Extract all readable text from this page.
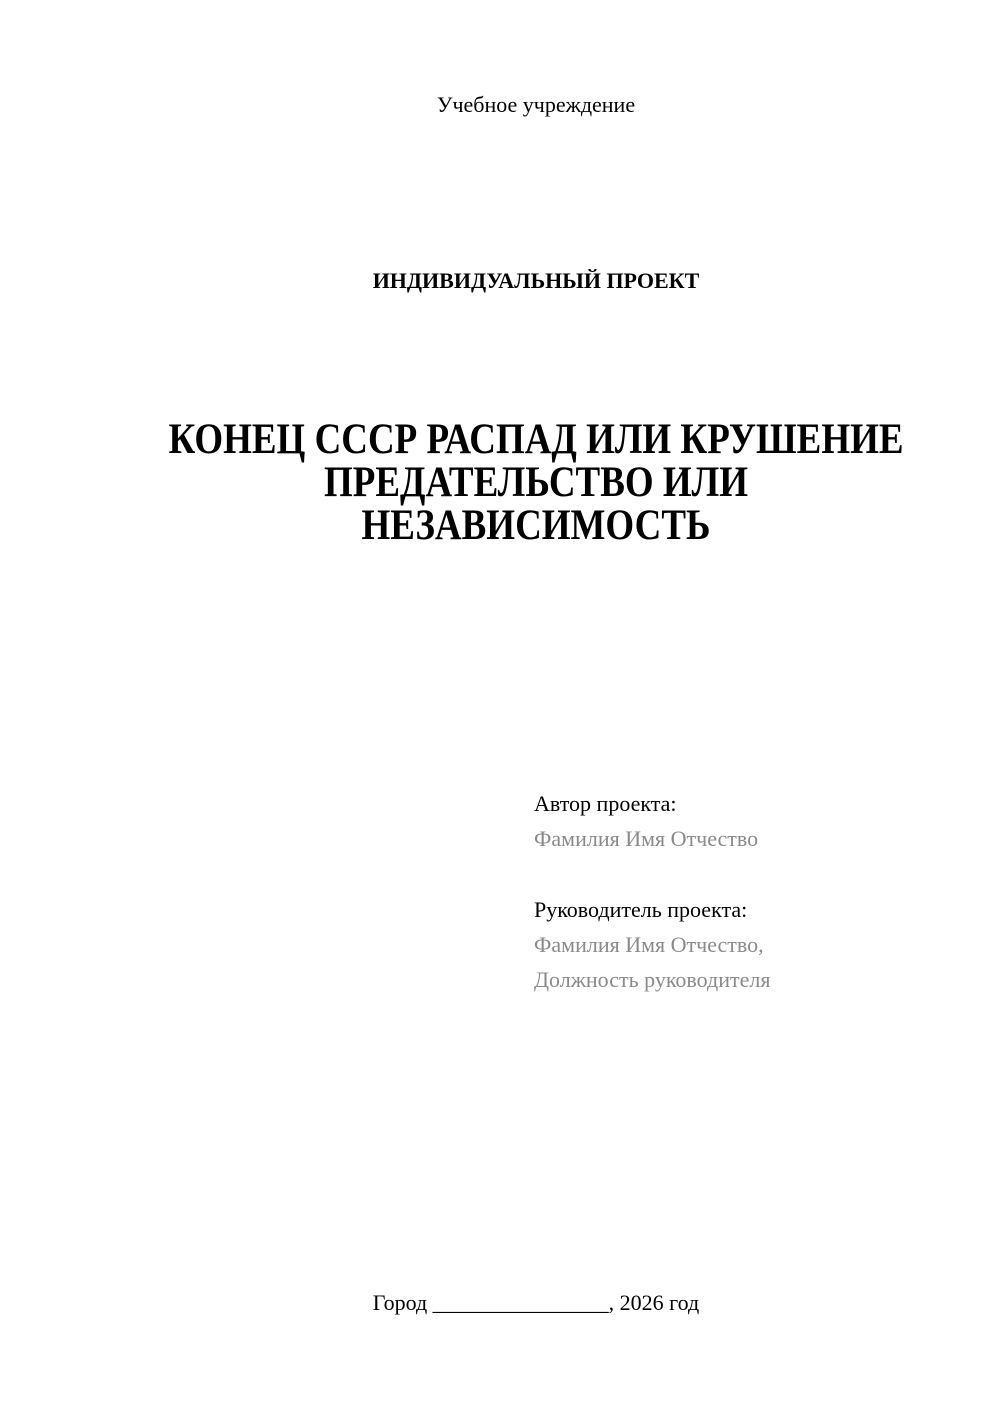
Учебное учреждение
ИНДИВИДУАЛЬНЫЙ ПРОЕКТ
КОНЕЦ СССР РАСПАД ИЛИ КРУШЕНИЕ
ПРЕДАТЕЛЬСТВО ИЛИ
НЕЗАВИСИМОСТЬ
Автор проекта:
Фамилия Имя Отчество
Руководитель проекта:
Фамилия Имя Отчество,
Должность руководителя
Город ________________, 2026 год
